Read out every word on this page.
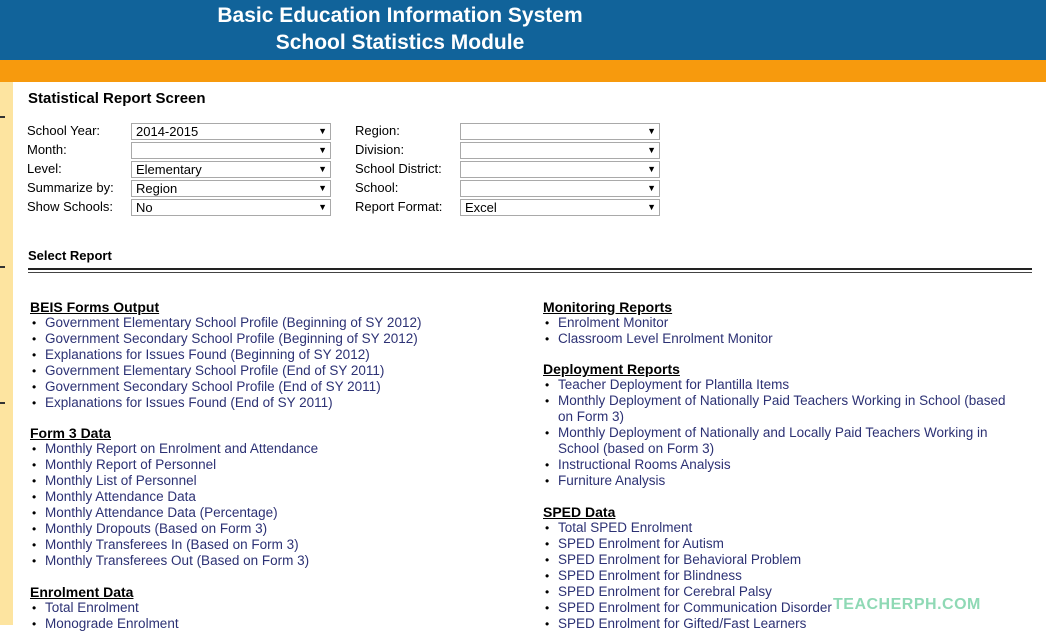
Basic Education Information System
School Statistics Module
Statistical Report Screen
School Year:	2014-2015	▼
Month:	▼
Level:	Elementary	▼
Summarize by:	Region	▼
Show Schools:	No	▼
Region:	▼
Division:	▼
School District:	▼
School:	▼
Report Format:	Excel	▼
Select Report
BEIS Forms Output
• Government Elementary School Profile (Beginning of SY 2012)
• Government Secondary School Profile (Beginning of SY 2012)
• Explanations for Issues Found (Beginning of SY 2012)
• Government Elementary School Profile (End of SY 2011)
• Government Secondary School Profile (End of SY 2011)
• Explanations for Issues Found (End of SY 2011)
Form 3 Data
• Monthly Report on Enrolment and Attendance
• Monthly Report of Personnel
• Monthly List of Personnel
• Monthly Attendance Data
• Monthly Attendance Data (Percentage)
• Monthly Dropouts (Based on Form 3)
• Monthly Transferees In (Based on Form 3)
• Monthly Transferees Out (Based on Form 3)
Enrolment Data
• Total Enrolment
• Monograde Enrolment
Monitoring Reports
• Enrolment Monitor
• Classroom Level Enrolment Monitor
Deployment Reports
• Teacher Deployment for Plantilla Items
• Monthly Deployment of Nationally Paid Teachers Working in School (based
on Form 3)
• Monthly Deployment of Nationally and Locally Paid Teachers Working in
School (based on Form 3)
• Instructional Rooms Analysis
• Furniture Analysis
SPED Data
• Total SPED Enrolment
• SPED Enrolment for Autism
• SPED Enrolment for Behavioral Problem
• SPED Enrolment for Blindness
• SPED Enrolment for Cerebral Palsy
• SPED Enrolment for Communication Disorder
• SPED Enrolment for Gifted/Fast Learners
TEACHERPH.COM
